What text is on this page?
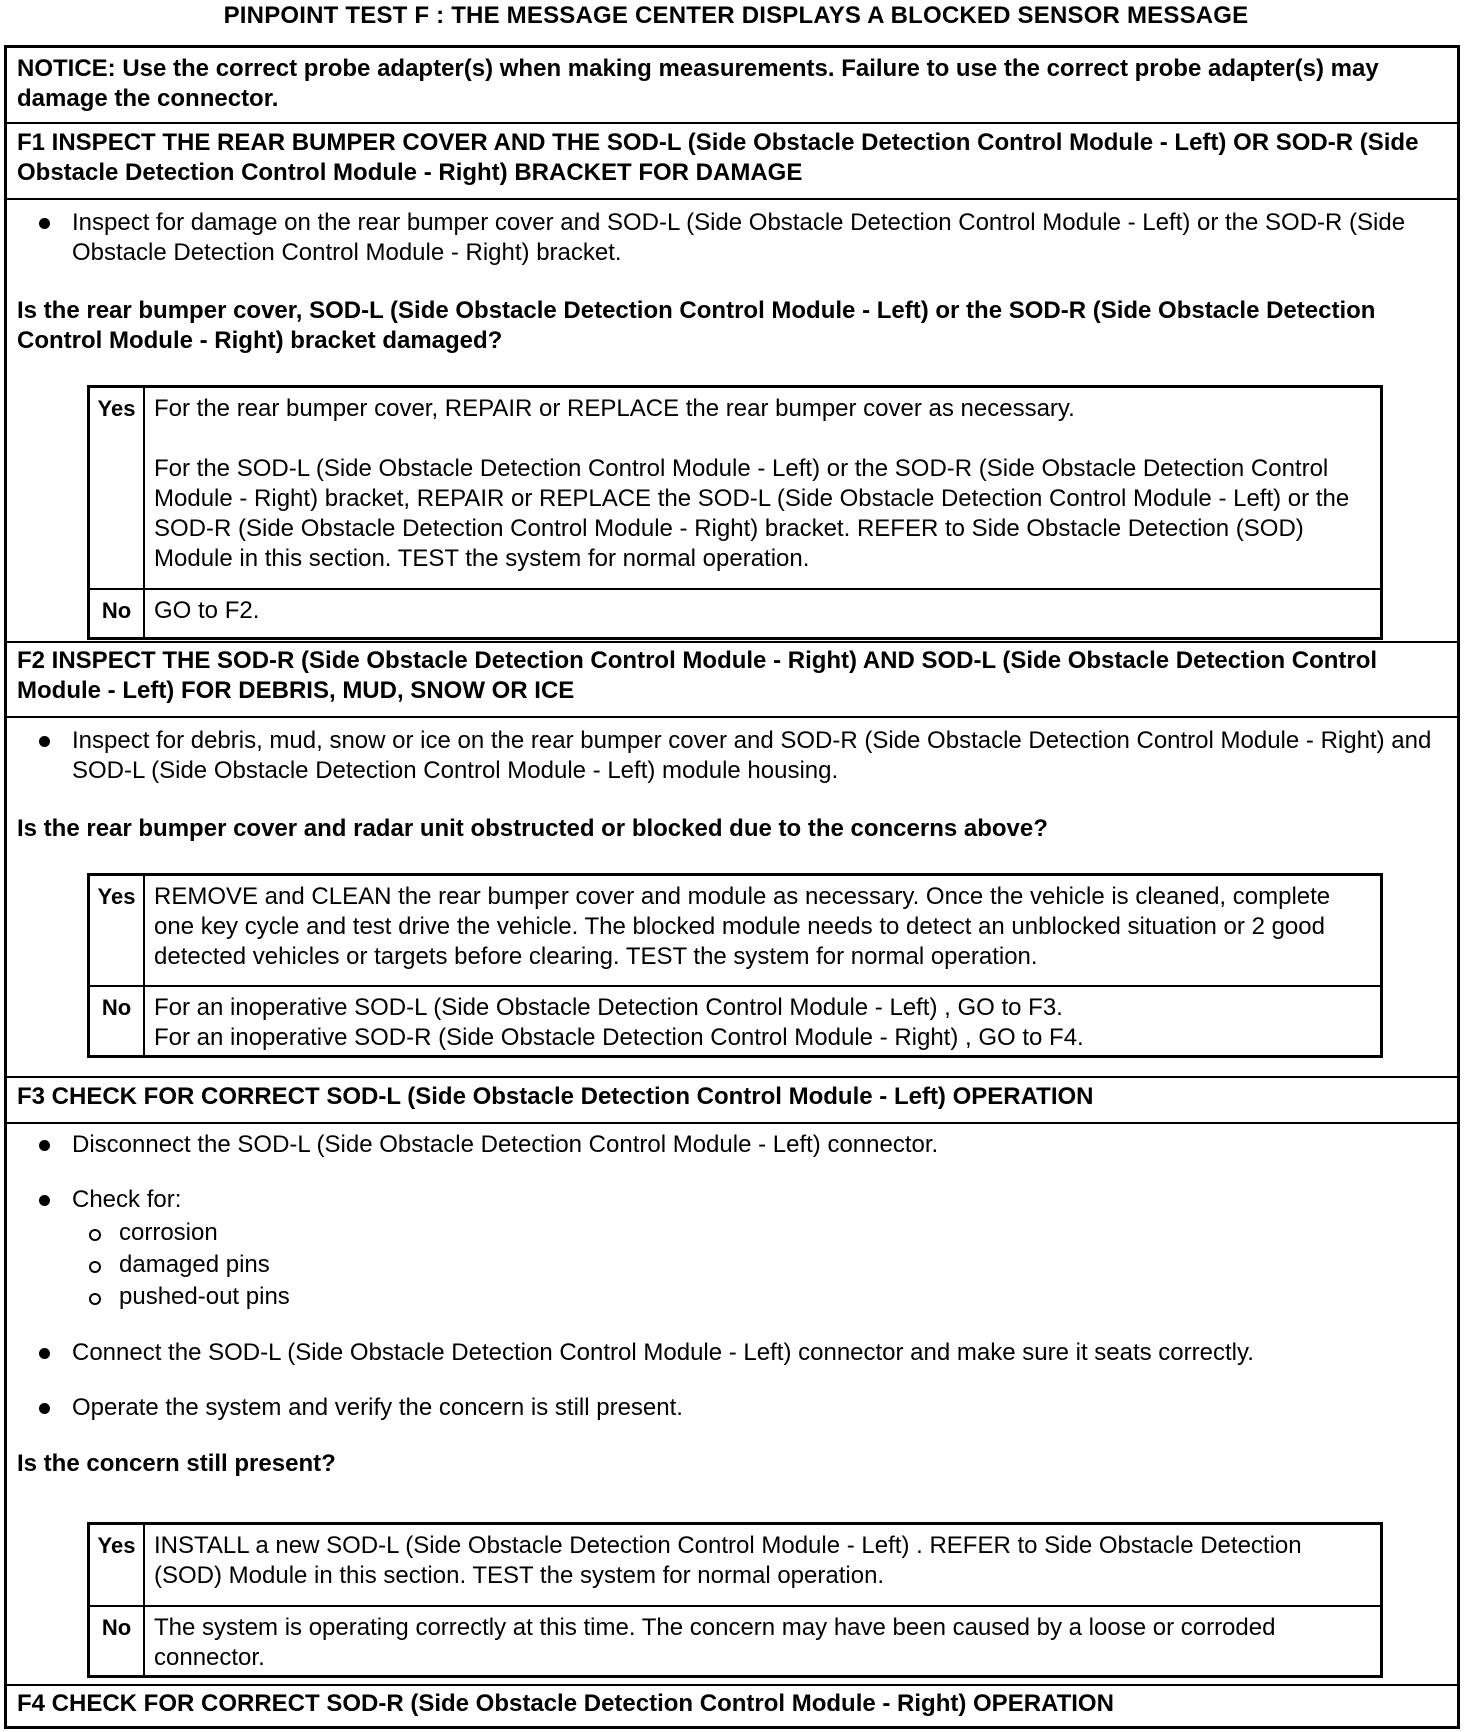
PINPOINT TEST F : THE MESSAGE CENTER DISPLAYS A BLOCKED SENSOR MESSAGE
NOTICE: Use the correct probe adapter(s) when making measurements. Failure to use the correct probe adapter(s) may damage the connector.
F1 INSPECT THE REAR BUMPER COVER AND THE SOD-L (Side Obstacle Detection Control Module - Left) OR SOD-R (Side Obstacle Detection Control Module - Right) BRACKET FOR DAMAGE
Inspect for damage on the rear bumper cover and SOD-L (Side Obstacle Detection Control Module - Left) or the SOD-R (Side Obstacle Detection Control Module - Right) bracket.
Is the rear bumper cover, SOD-L (Side Obstacle Detection Control Module - Left) or the SOD-R (Side Obstacle Detection Control Module - Right) bracket damaged?
Yes For the rear bumper cover, REPAIR or REPLACE the rear bumper cover as necessary.
For the SOD-L (Side Obstacle Detection Control Module - Left) or the SOD-R (Side Obstacle Detection Control Module - Right) bracket, REPAIR or REPLACE the SOD-L (Side Obstacle Detection Control Module - Left) or the SOD-R (Side Obstacle Detection Control Module - Right) bracket. REFER to Side Obstacle Detection (SOD) Module in this section. TEST the system for normal operation.
No GO to F2.
F2 INSPECT THE SOD-R (Side Obstacle Detection Control Module - Right) AND SOD-L (Side Obstacle Detection Control Module - Left) FOR DEBRIS, MUD, SNOW OR ICE
Inspect for debris, mud, snow or ice on the rear bumper cover and SOD-R (Side Obstacle Detection Control Module - Right) and SOD-L (Side Obstacle Detection Control Module - Left) module housing.
Is the rear bumper cover and radar unit obstructed or blocked due to the concerns above?
Yes REMOVE and CLEAN the rear bumper cover and module as necessary. Once the vehicle is cleaned, complete one key cycle and test drive the vehicle. The blocked module needs to detect an unblocked situation or 2 good detected vehicles or targets before clearing. TEST the system for normal operation.
No For an inoperative SOD-L (Side Obstacle Detection Control Module - Left) , GO to F3.
For an inoperative SOD-R (Side Obstacle Detection Control Module - Right) , GO to F4.
F3 CHECK FOR CORRECT SOD-L (Side Obstacle Detection Control Module - Left) OPERATION
Disconnect the SOD-L (Side Obstacle Detection Control Module - Left) connector.
Check for:
corrosion
damaged pins
pushed-out pins
Connect the SOD-L (Side Obstacle Detection Control Module - Left) connector and make sure it seats correctly.
Operate the system and verify the concern is still present.
Is the concern still present?
Yes INSTALL a new SOD-L (Side Obstacle Detection Control Module - Left) . REFER to Side Obstacle Detection (SOD) Module in this section. TEST the system for normal operation.
No The system is operating correctly at this time. The concern may have been caused by a loose or corroded connector.
F4 CHECK FOR CORRECT SOD-R (Side Obstacle Detection Control Module - Right) OPERATION
